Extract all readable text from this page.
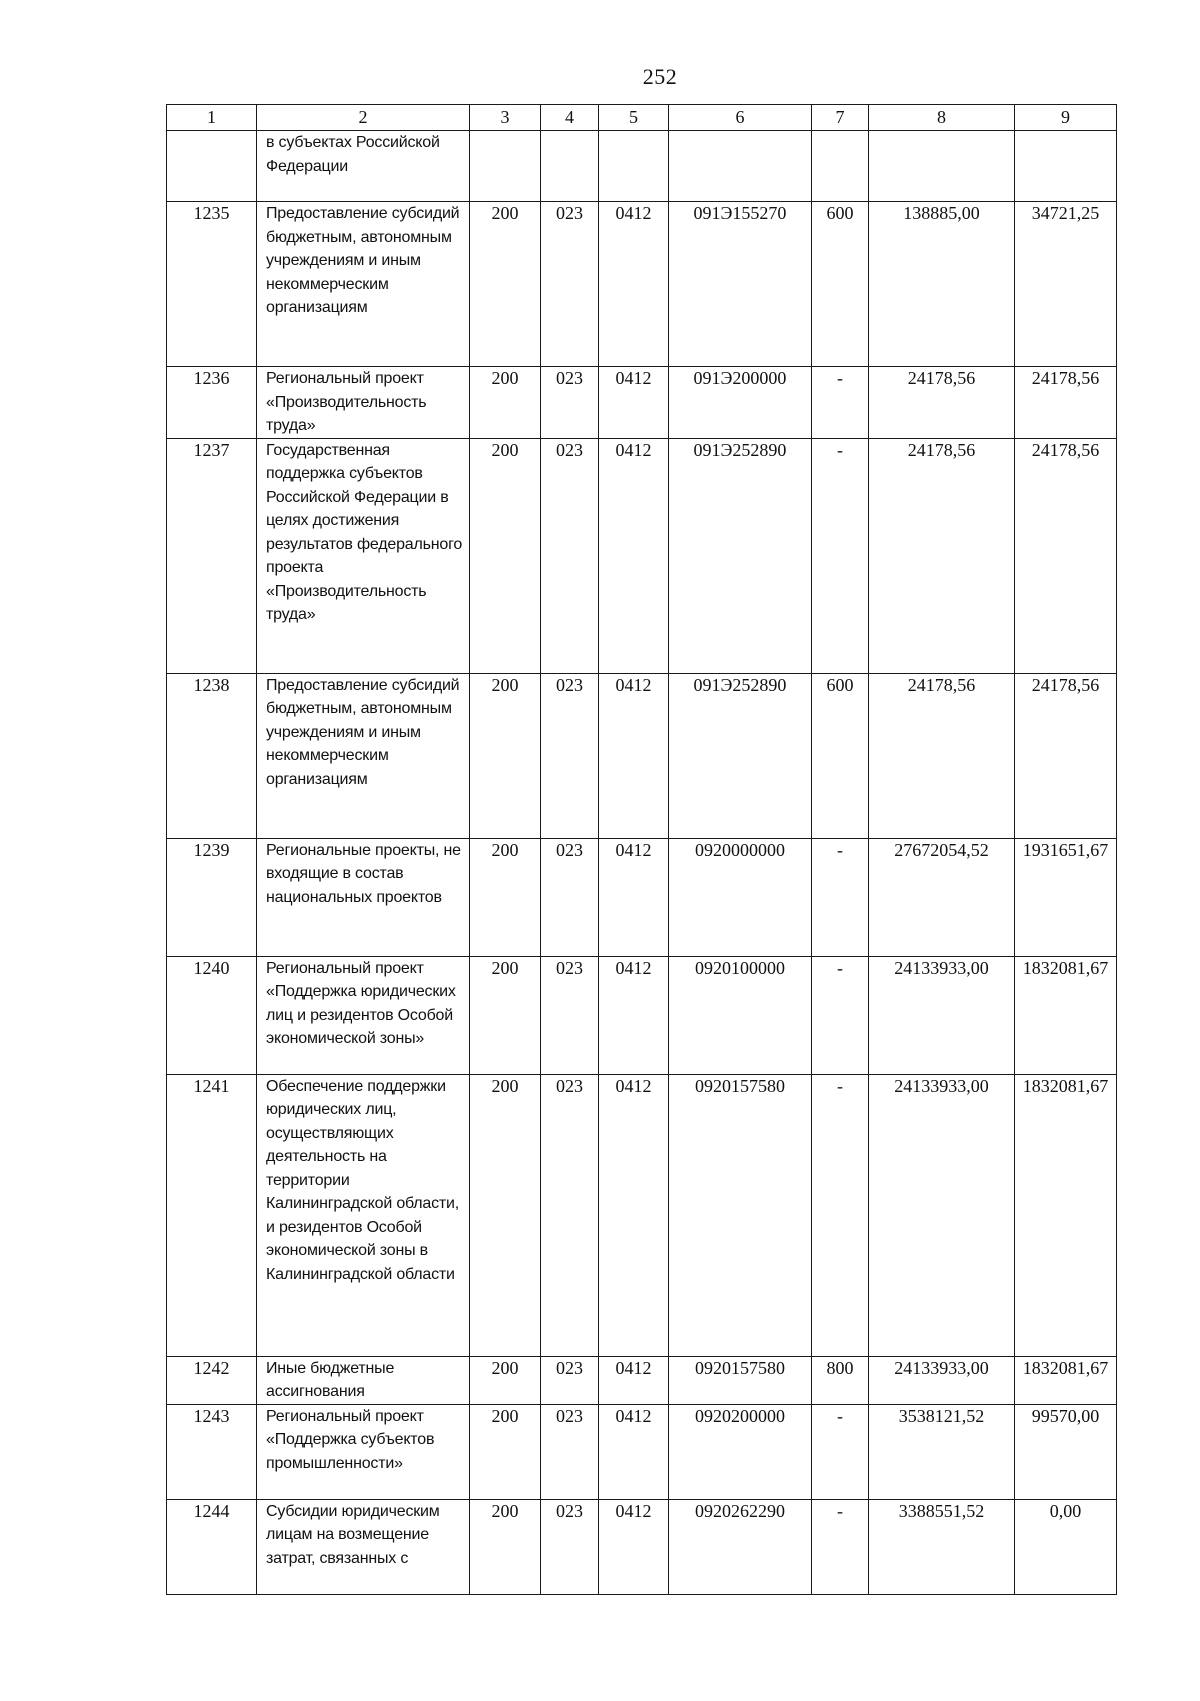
252
1	2	3	4	5	6	7	8	9
	в субъектах Российской Федерации							
1235	Предоставление субсидий бюджетным, автономным учреждениям и иным некоммерческим организациям	200	023	0412	091Э155270	600	138885,00	34721,25
1236	Региональный проект «Производительность труда»	200	023	0412	091Э200000	-	24178,56	24178,56
1237	Государственная поддержка субъектов Российской Федерации в целях достижения результатов федерального проекта «Производительность труда»	200	023	0412	091Э252890	-	24178,56	24178,56
1238	Предоставление субсидий бюджетным, автономным учреждениям и иным некоммерческим организациям	200	023	0412	091Э252890	600	24178,56	24178,56
1239	Региональные проекты, не входящие в состав национальных проектов	200	023	0412	0920000000	-	27672054,52	1931651,67
1240	Региональный проект «Поддержка юридических лиц и резидентов Особой экономической зоны»	200	023	0412	0920100000	-	24133933,00	1832081,67
1241	Обеспечение поддержки юридических лиц, осуществляющих деятельность на территории Калининградской области, и резидентов Особой экономической зоны в Калининградской области	200	023	0412	0920157580	-	24133933,00	1832081,67
1242	Иные бюджетные ассигнования	200	023	0412	0920157580	800	24133933,00	1832081,67
1243	Региональный проект «Поддержка субъектов промышленности»	200	023	0412	0920200000	-	3538121,52	99570,00
1244	Субсидии юридическим лицам на возмещение затрат, связанных с	200	023	0412	0920262290	-	3388551,52	0,00
